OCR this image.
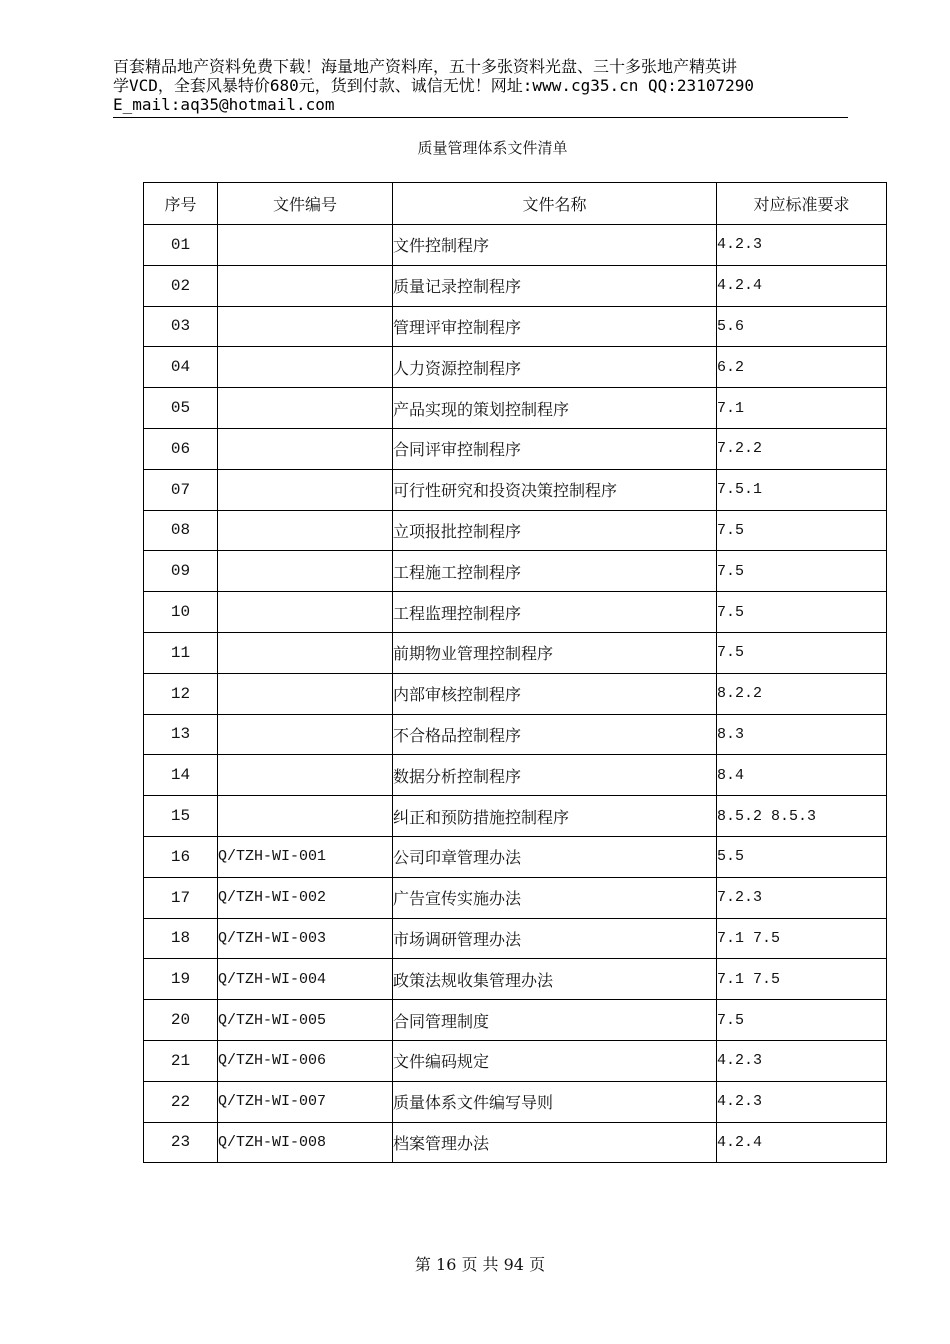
百套精品地产资料免费下载！海量地产资料库，五十多张资料光盘、三十多张地产精英讲
学VCD，全套风暴特价680元，货到付款、诚信无忧！网址:www.cg35.cn QQ:23107290
E_mail:aq35@hotmail.com
质量管理体系文件清单
序号	文件编号	文件名称	对应标准要求
01		文件控制程序	4.2.3
02		质量记录控制程序	4.2.4
03		管理评审控制程序	5.6
04		人力资源控制程序	6.2
05		产品实现的策划控制程序	7.1
06		合同评审控制程序	7.2.2
07		可行性研究和投资决策控制程序	7.5.1
08		立项报批控制程序	7.5
09		工程施工控制程序	7.5
10		工程监理控制程序	7.5
11		前期物业管理控制程序	7.5
12		内部审核控制程序	8.2.2
13		不合格品控制程序	8.3
14		数据分析控制程序	8.4
15		纠正和预防措施控制程序	8.5.2 8.5.3
16	Q/TZH-WI-001	公司印章管理办法	5.5
17	Q/TZH-WI-002	广告宣传实施办法	7.2.3
18	Q/TZH-WI-003	市场调研管理办法	7.1 7.5
19	Q/TZH-WI-004	政策法规收集管理办法	7.1 7.5
20	Q/TZH-WI-005	合同管理制度	7.5
21	Q/TZH-WI-006	文件编码规定	4.2.3
22	Q/TZH-WI-007	质量体系文件编写导则	4.2.3
23	Q/TZH-WI-008	档案管理办法	4.2.4
第 16 页 共 94 页
